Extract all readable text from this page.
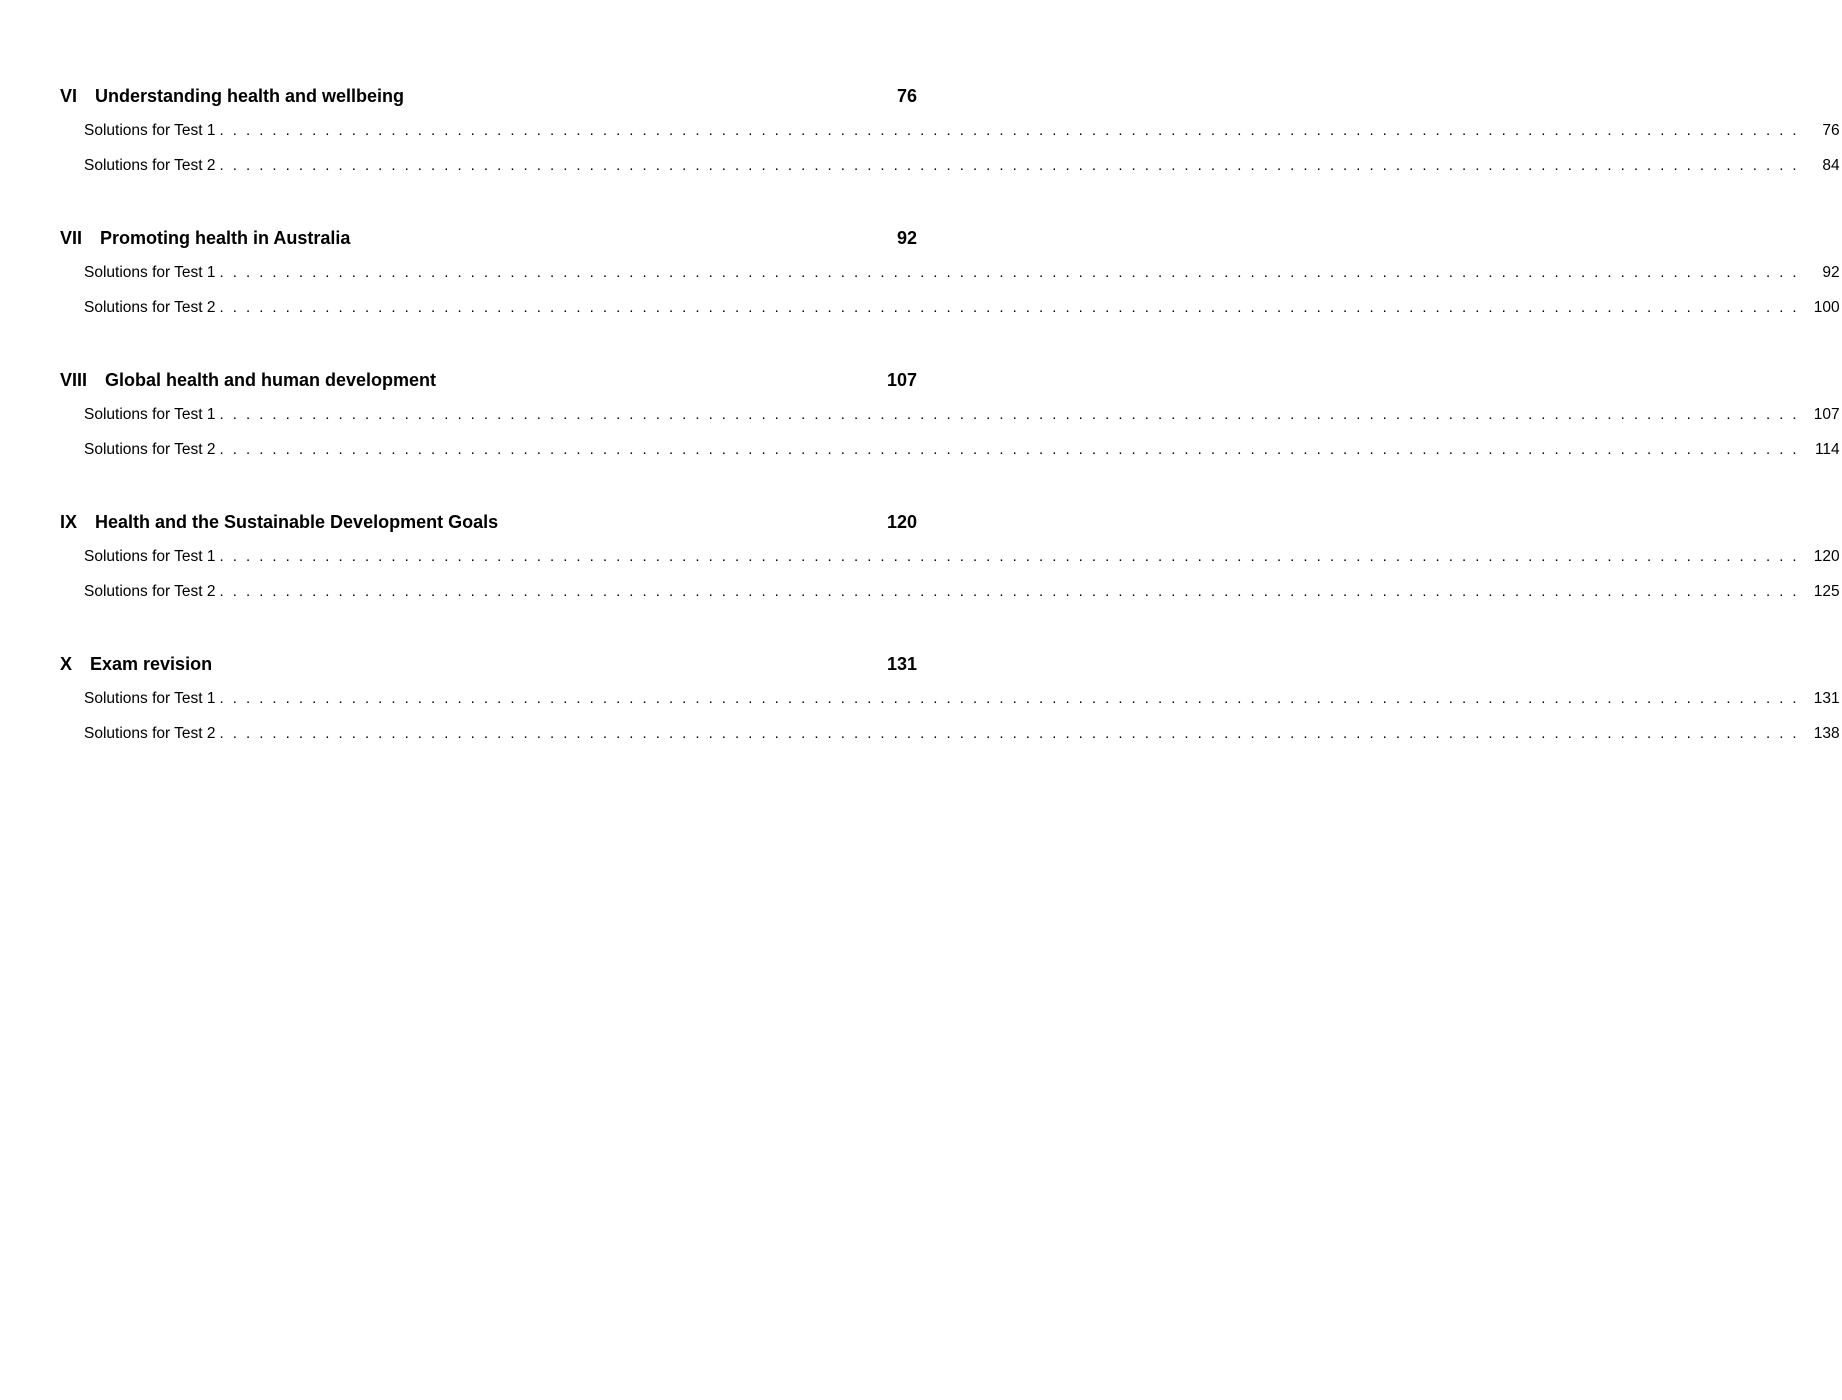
VI Understanding health and wellbeing	76
Solutions for Test 1 ........................................................................................................................	76
Solutions for Test 2 ........................................................................................................................	84
VII Promoting health in Australia	92
Solutions for Test 1 ........................................................................................................................	92
Solutions for Test 2 ........................................................................................................................ 100
VIII Global health and human development	107
Solutions for Test 1 ........................................................................................................................ 107
Solutions for Test 2 ........................................................................................................................ 114
IX Health and the Sustainable Development Goals	120
Solutions for Test 1 ........................................................................................................................ 120
Solutions for Test 2 ........................................................................................................................ 125
X Exam revision	131
Solutions for Test 1 ........................................................................................................................ 131
Solutions for Test 2 ........................................................................................................................ 138
